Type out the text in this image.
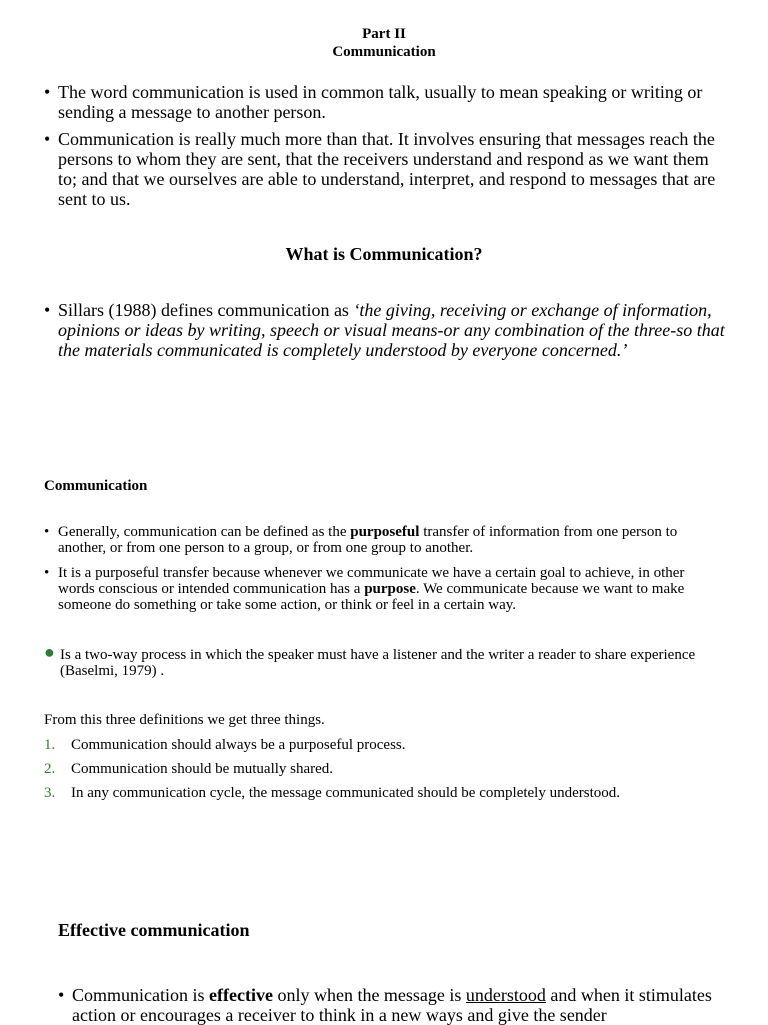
Part II
Communication
• The word communication is used in common talk, usually to mean speaking or writing or sending a message to another person.
• Communication is really much more than that. It involves ensuring that messages reach the persons to whom they are sent, that the receivers understand and respond as we want them to; and that we ourselves are able to understand, interpret, and respond to messages that are sent to us.
What is Communication?
• Sillars (1988) defines communication as ‘the giving, receiving or exchange of information, opinions or ideas by writing, speech or visual means-or any combination of the three-so that the materials communicated is completely understood by everyone concerned.’
Communication
• Generally, communication can be defined as the purposeful transfer of information from one person to another, or from one person to a group, or from one group to another.
• It is a purposeful transfer because whenever we communicate we have a certain goal to achieve, in other words conscious or intended communication has a purpose. We communicate because we want to make someone do something or take some action, or think or feel in a certain way.
● Is a two-way process in which the speaker must have a listener and the writer a reader to share experience (Baselmi, 1979) .
From this three definitions we get three things.
1. Communication should always be a purposeful process.
2. Communication should be mutually shared.
3. In any communication cycle, the message communicated should be completely understood.
Effective communication
• Communication is effective only when the message is understood and when it stimulates action or encourages a receiver to think in a new ways and give the sender
